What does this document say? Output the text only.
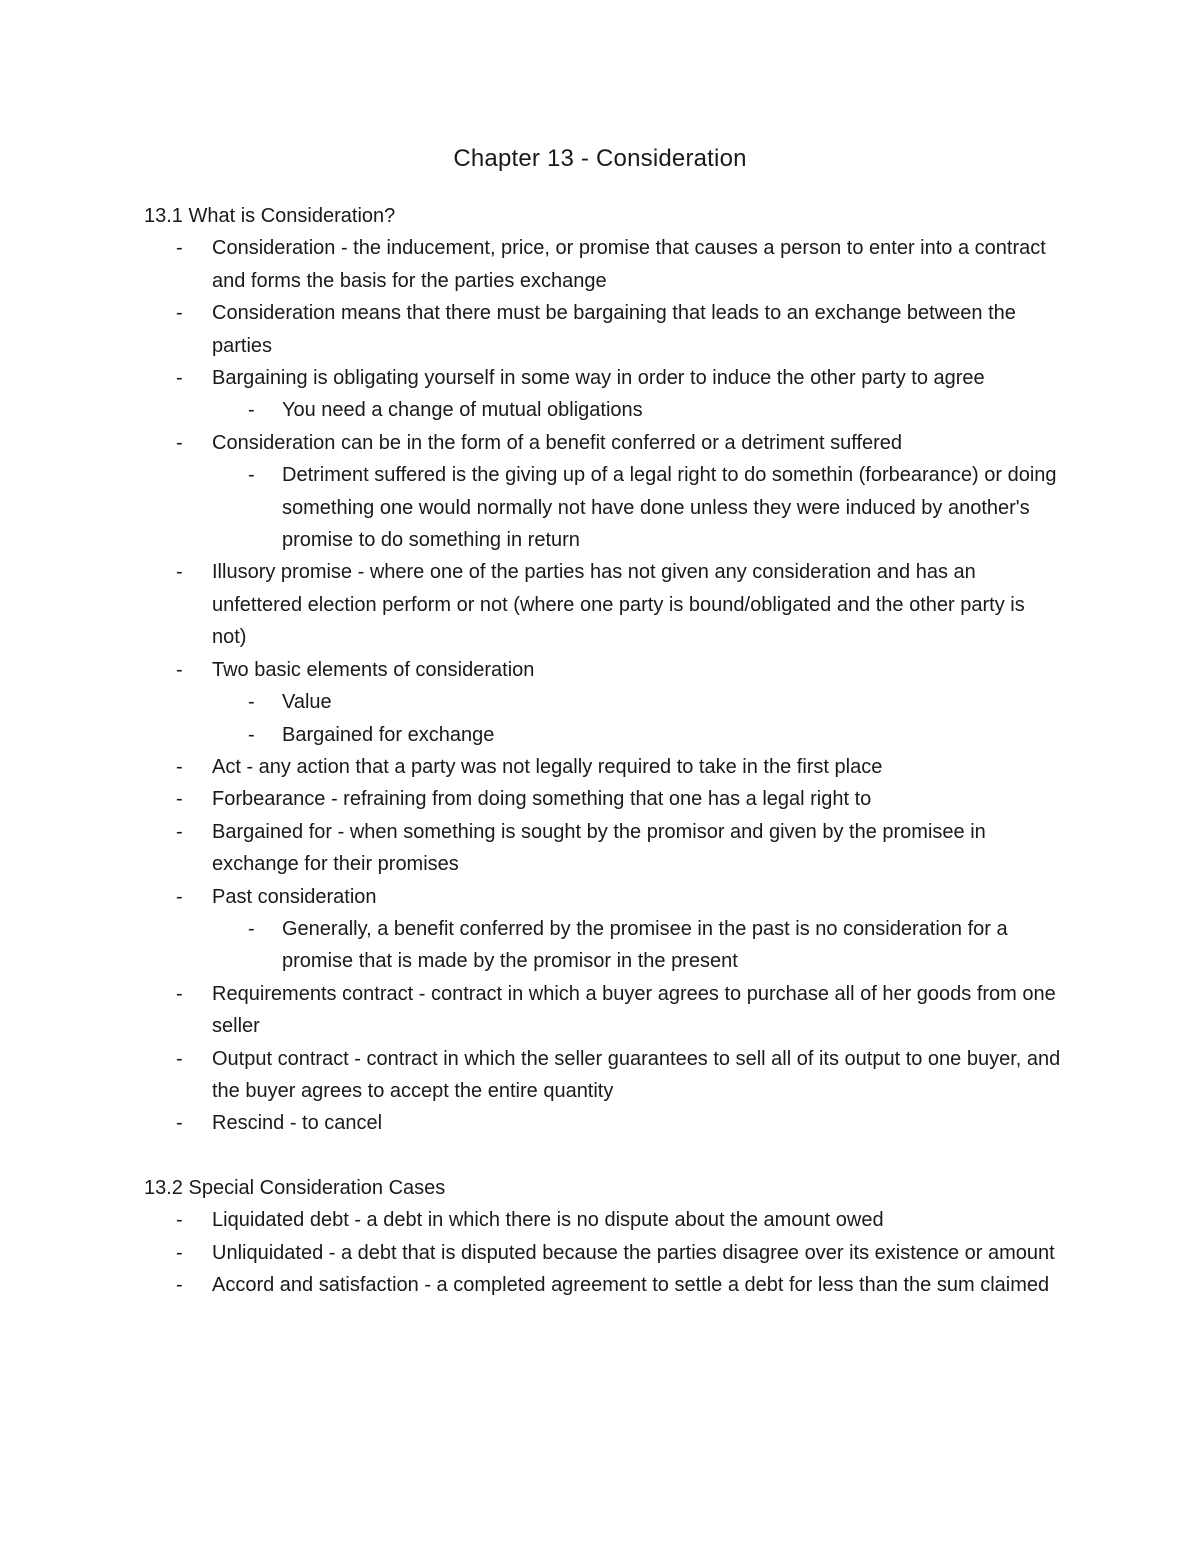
Chapter 13 - Consideration

13.1 What is Consideration?

- Consideration - the inducement, price, or promise that causes a person to enter into a contract and forms the basis for the parties exchange
- Consideration means that there must be bargaining that leads to an exchange between the parties
- Bargaining is obligating yourself in some way in order to induce the other party to agree
- You need a change of mutual obligations
- Consideration can be in the form of a benefit conferred or a detriment suffered
- Detriment suffered is the giving up of a legal right to do somethin (forbearance) or doing something one would normally not have done unless they were induced by another's promise to do something in return
- Illusory promise - where one of the parties has not given any consideration and has an unfettered election perform or not (where one party is bound/obligated and the other party is not)
- Two basic elements of consideration
- Value
- Bargained for exchange
- Act - any action that a party was not legally required to take in the first place
- Forbearance - refraining from doing something that one has a legal right to
- Bargained for - when something is sought by the promisor and given by the promisee in exchange for their promises
- Past consideration
- Generally, a benefit conferred by the promisee in the past is no consideration for a promise that is made by the promisor in the present
- Requirements contract - contract in which a buyer agrees to purchase all of her goods from one seller
- Output contract - contract in which the seller guarantees to sell all of its output to one buyer, and the buyer agrees to accept the entire quantity
- Rescind - to cancel

13.2 Special Consideration Cases

- Liquidated debt - a debt in which there is no dispute about the amount owed
- Unliquidated - a debt that is disputed because the parties disagree over its existence or amount
- Accord and satisfaction - a completed agreement to settle a debt for less than the sum claimed
